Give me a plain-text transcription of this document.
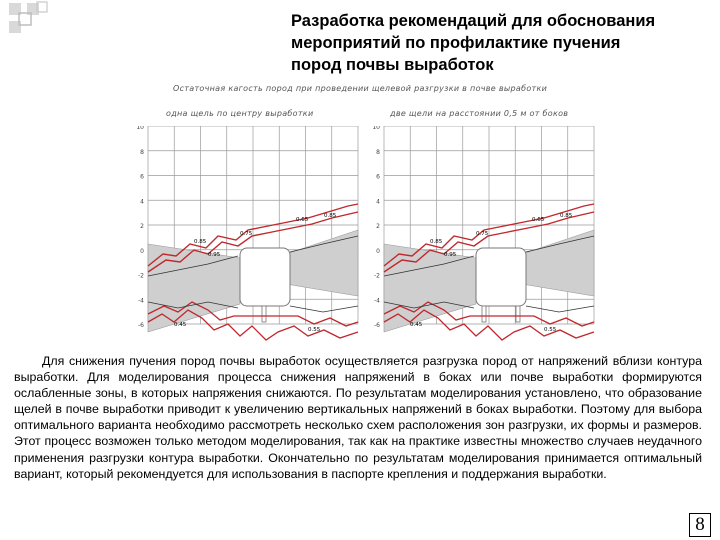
Разработка рекомендаций для обоснования
мероприятий по профилактике пучения
пород почвы выработок
Остаточная кагость пород при проведении щелевой разгрузки в почве выработки
одна щель по центру выработки	две щели на расстоянии 0,5 м от боков
10
8
6
4
2
0
-2
-4
-6
0.85
0.75
0.65
0.95
0.85
0.45
0.55
10
8
6
4
2
0
-2
-4
-6
0.85
0.75
0.65
0.95
0.85
0.45
0.55
Для снижения пучения пород почвы выработок осуществляется разгрузка пород от напряжений вблизи контура выработки. Для моделирования процесса снижения напряжений в боках или почве выработки формируются ослабленные зоны, в которых напряжения снижаются. По результатам моделирования установлено, что образование щелей в почве выработки приводит к увеличению вертикальных напряжений в боках выработки. Поэтому для выбора оптимального варианта необходимо рассмотреть несколько схем расположения зон разгрузки, их формы и размеров. Этот процесс возможен только методом моделирования, так как на практике известны множество случаев неудачного применения разгрузки контура выработки. Окончательно по результатам моделирования принимается оптимальный вариант, который рекомендуется для использования в паспорте крепления и поддержания выработки.
8
